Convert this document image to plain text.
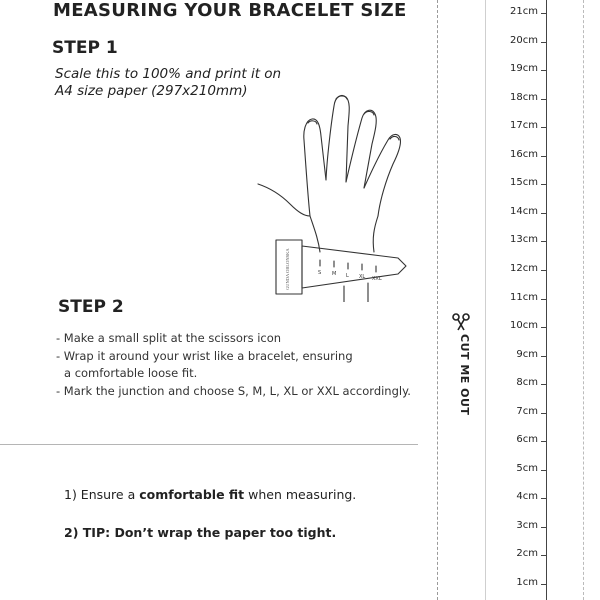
MEASURING YOUR BRACELET SIZE
STEP 1
Scale this to 100% and print it on
A4 size paper (297x210mm)
GUNDA OBLONSKA	S M L XL XXL
STEP 2
- Make a small split at the scissors icon
- Wrap it around your wrist like a bracelet, ensuring
a comfortable loose fit.
- Mark the junction and choose S, M, L, XL or XXL accordingly.
1) Ensure a comfortable fit when measuring.
2) TIP: Don’t wrap the paper too tight.
CUT ME OUT
1cm
2cm
3cm
4cm
5cm
6cm
7cm
8cm
9cm
10cm
11cm
12cm
13cm
14cm
15cm
16cm
17cm
18cm
19cm
20cm
21cm
